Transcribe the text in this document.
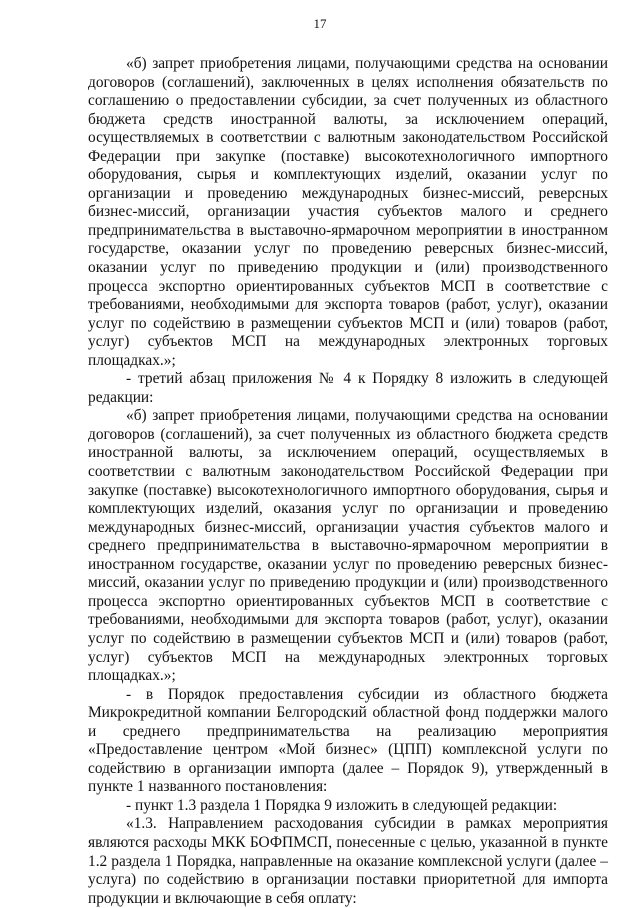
17

«б) запрет приобретения лицами, получающими средства на основании договоров (соглашений), заключенных в целях исполнения обязательств по соглашению о предоставлении субсидии, за счет полученных из областного бюджета средств иностранной валюты, за исключением операций, осуществляемых в соответствии с валютным законодательством Российской Федерации при закупке (поставке) высокотехнологичного импортного оборудования, сырья и комплектующих изделий, оказании услуг по организации и проведению международных бизнес-миссий, реверсных бизнес-миссий, организации участия субъектов малого и среднего предпринимательства в выставочно-ярмарочном мероприятии в иностранном государстве, оказании услуг по проведению реверсных бизнес-миссий, оказании услуг по приведению продукции и (или) производственного процесса экспортно ориентированных субъектов МСП в соответствие с требованиями, необходимыми для экспорта товаров (работ, услуг), оказании услуг по содействию в размещении субъектов МСП и (или) товаров (работ, услуг) субъектов МСП на международных электронных торговых площадках.»;

- третий абзац приложения № 4 к Порядку 8 изложить в следующей редакции:

«б) запрет приобретения лицами, получающими средства на основании договоров (соглашений), за счет полученных из областного бюджета средств иностранной валюты, за исключением операций, осуществляемых в соответствии с валютным законодательством Российской Федерации при закупке (поставке) высокотехнологичного импортного оборудования, сырья и комплектующих изделий, оказания услуг по организации и проведению международных бизнес-миссий, организации участия субъектов малого и среднего предпринимательства в выставочно-ярмарочном мероприятии в иностранном государстве, оказании услуг по проведению реверсных бизнес-миссий, оказании услуг по приведению продукции и (или) производственного процесса экспортно ориентированных субъектов МСП в соответствие с требованиями, необходимыми для экспорта товаров (работ, услуг), оказании услуг по содействию в размещении субъектов МСП и (или) товаров (работ, услуг) субъектов МСП на международных электронных торговых площадках.»;

- в Порядок предоставления субсидии из областного бюджета Микрокредитной компании Белгородский областной фонд поддержки малого и среднего предпринимательства на реализацию мероприятия «Предоставление центром «Мой бизнес» (ЦПП) комплексной услуги по содействию в организации импорта (далее – Порядок 9), утвержденный в пункте 1 названного постановления:

- пункт 1.3 раздела 1 Порядка 9 изложить в следующей редакции:

«1.3. Направлением расходования субсидии в рамках мероприятия являются расходы МКК БОФПМСП, понесенные с целью, указанной в пункте 1.2 раздела 1 Порядка, направленные на оказание комплексной услуги (далее – услуга) по содействию в организации поставки приоритетной для импорта продукции и включающие в себя оплату:
